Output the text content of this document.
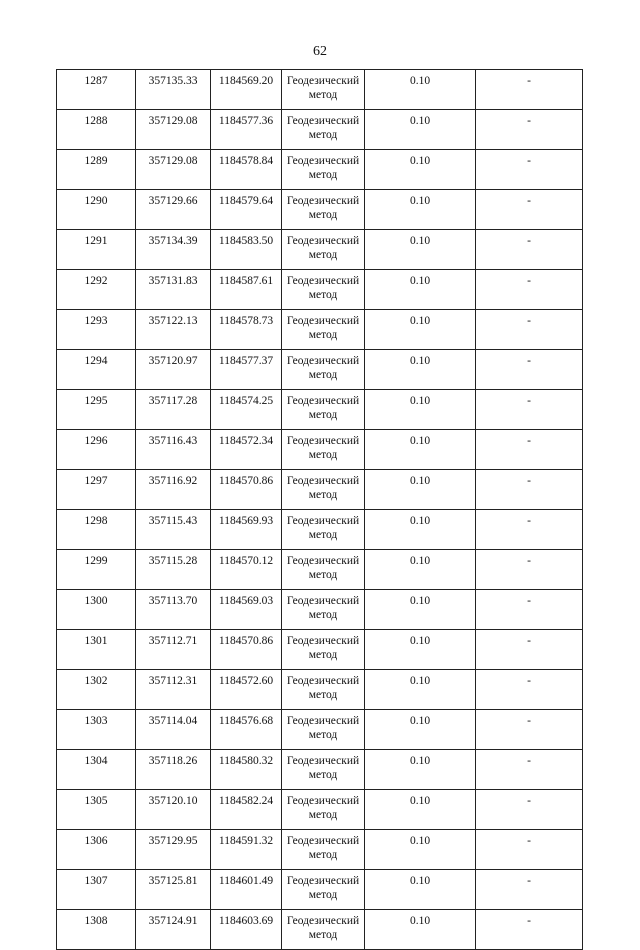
62
1287	357135.33	1184569.20	Геодезический
метод	0.10	-
1288	357129.08	1184577.36	Геодезический
метод	0.10	-
1289	357129.08	1184578.84	Геодезический
метод	0.10	-
1290	357129.66	1184579.64	Геодезический
метод	0.10	-
1291	357134.39	1184583.50	Геодезический
метод	0.10	-
1292	357131.83	1184587.61	Геодезический
метод	0.10	-
1293	357122.13	1184578.73	Геодезический
метод	0.10	-
1294	357120.97	1184577.37	Геодезический
метод	0.10	-
1295	357117.28	1184574.25	Геодезический
метод	0.10	-
1296	357116.43	1184572.34	Геодезический
метод	0.10	-
1297	357116.92	1184570.86	Геодезический
метод	0.10	-
1298	357115.43	1184569.93	Геодезический
метод	0.10	-
1299	357115.28	1184570.12	Геодезический
метод	0.10	-
1300	357113.70	1184569.03	Геодезический
метод	0.10	-
1301	357112.71	1184570.86	Геодезический
метод	0.10	-
1302	357112.31	1184572.60	Геодезический
метод	0.10	-
1303	357114.04	1184576.68	Геодезический
метод	0.10	-
1304	357118.26	1184580.32	Геодезический
метод	0.10	-
1305	357120.10	1184582.24	Геодезический
метод	0.10	-
1306	357129.95	1184591.32	Геодезический
метод	0.10	-
1307	357125.81	1184601.49	Геодезический
метод	0.10	-
1308	357124.91	1184603.69	Геодезический
метод	0.10	-
